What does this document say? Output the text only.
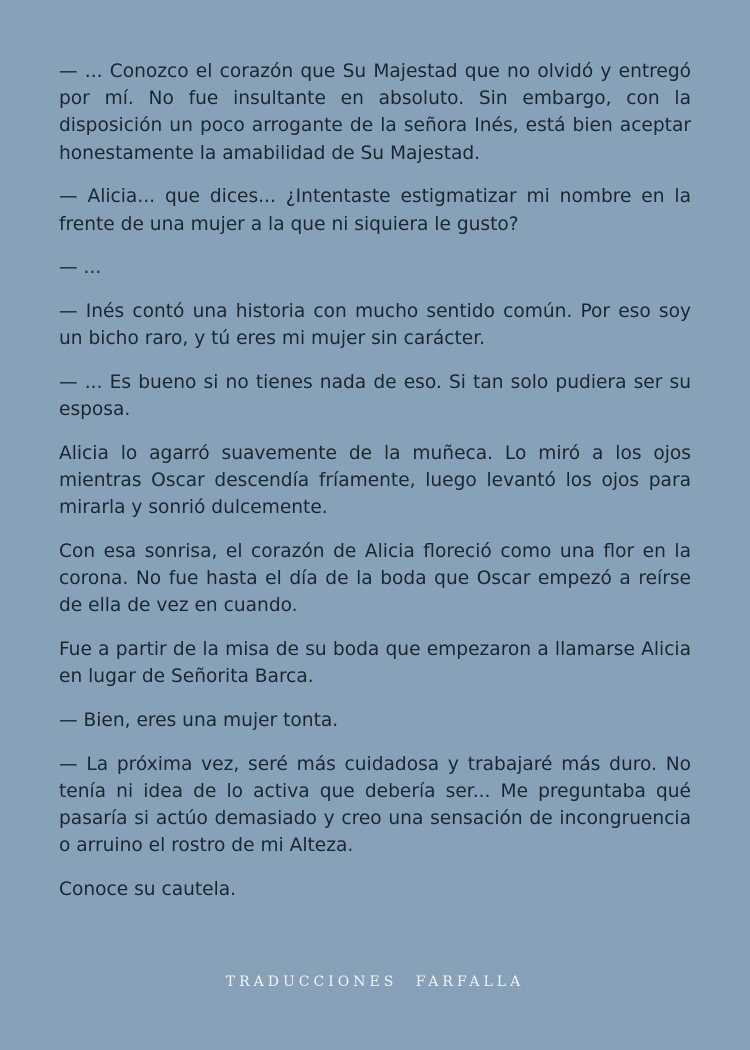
— ... Conozco el corazón que Su Majestad que no olvidó y entregó por mí. No fue insultante en absoluto. Sin embargo, con la disposición un poco arrogante de la señora Inés, está bien aceptar honestamente la amabilidad de Su Majestad.

— Alicia... que dices... ¿Intentaste estigmatizar mi nombre en la frente de una mujer a la que ni siquiera le gusto?

— ...

— Inés contó una historia con mucho sentido común. Por eso soy un bicho raro, y tú eres mi mujer sin carácter.

— ... Es bueno si no tienes nada de eso. Si tan solo pudiera ser su esposa.

Alicia lo agarró suavemente de la muñeca. Lo miró a los ojos mientras Oscar descendía fríamente, luego levantó los ojos para mirarla y sonrió dulcemente.

Con esa sonrisa, el corazón de Alicia floreció como una flor en la corona. No fue hasta el día de la boda que Oscar empezó a reírse de ella de vez en cuando.

Fue a partir de la misa de su boda que empezaron a llamarse Alicia en lugar de Señorita Barca.

— Bien, eres una mujer tonta.

— La próxima vez, seré más cuidadosa y trabajaré más duro. No tenía ni idea de lo activa que debería ser... Me preguntaba qué pasaría si actúo demasiado y creo una sensación de incongruencia o arruino el rostro de mi Alteza.

Conoce su cautela.

TRADUCCIONES FARFALLA
